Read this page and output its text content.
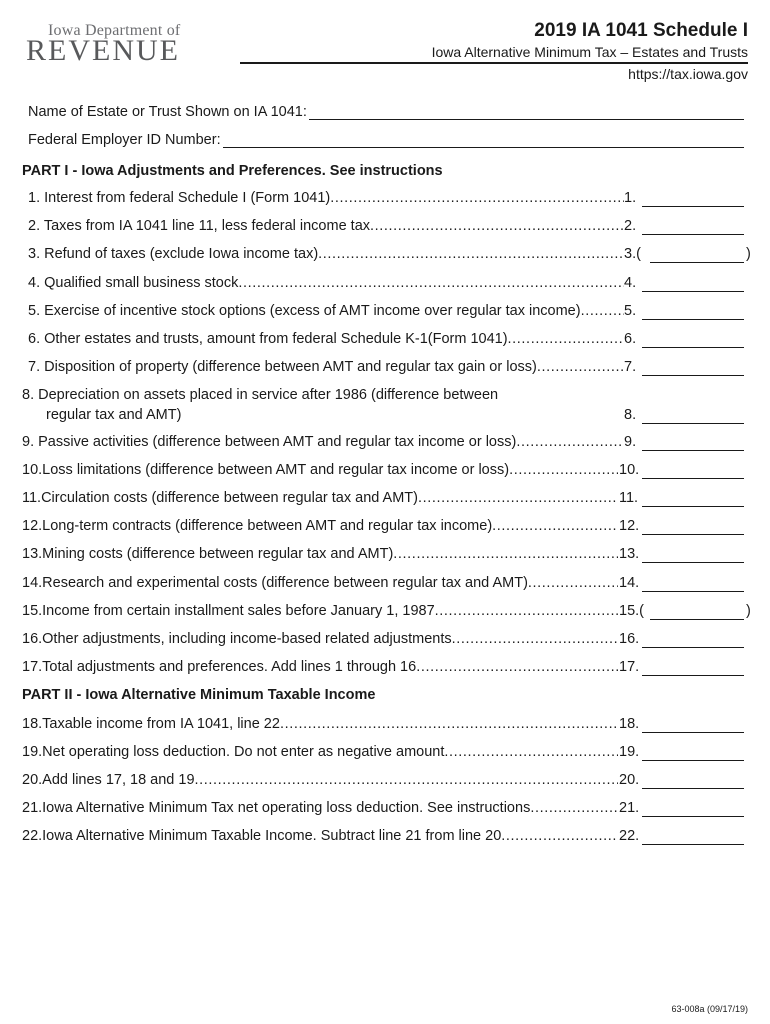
Iowa Department of
REVENUE
2019 IA 1041 Schedule I
Iowa Alternative Minimum Tax – Estates and Trusts
https://tax.iowa.gov
Name of Estate or Trust Shown on IA 1041:
Federal Employer ID Number:
PART I - Iowa Adjustments and Preferences. See instructions
1. Interest from federal Schedule I (Form 1041) .....	1.
2. Taxes from IA 1041 line 11, less federal income tax .....	2.
3. Refund of taxes (exclude Iowa income tax) .....	3.(	)
4. Qualified small business stock .....	4.
5. Exercise of incentive stock options (excess of AMT income over regular tax income) .....	5.
6. Other estates and trusts, amount from federal Schedule K-1(Form 1041) .....	6.
7. Disposition of property (difference between AMT and regular tax gain or loss) .....	7.
8. Depreciation on assets placed in service after 1986 (difference between
regular tax and AMT)	8.
9. Passive activities (difference between AMT and regular tax income or loss) .....	9.
10.Loss limitations (difference between AMT and regular tax income or loss) .....	10.
11.Circulation costs (difference between regular tax and AMT) .....	11.
12.Long-term contracts (difference between AMT and regular tax income) .....	12.
13.Mining costs (difference between regular tax and AMT) .....	13.
14.Research and experimental costs (difference between regular tax and AMT) .....	14.
15.Income from certain installment sales before January 1, 1987 .....	15.(	)
16.Other adjustments, including income-based related adjustments .....	16.
17.Total adjustments and preferences. Add lines 1 through 16 .....	17.
PART II - Iowa Alternative Minimum Taxable Income
18.Taxable income from IA 1041, line 22 .....	18.
19.Net operating loss deduction. Do not enter as negative amount .....	19.
20.Add lines 17, 18 and 19 .....	20.
21.Iowa Alternative Minimum Tax net operating loss deduction. See instructions .....	21.
22.Iowa Alternative Minimum Taxable Income. Subtract line 21 from line 20 .....	22.
63-008a (09/17/19)
